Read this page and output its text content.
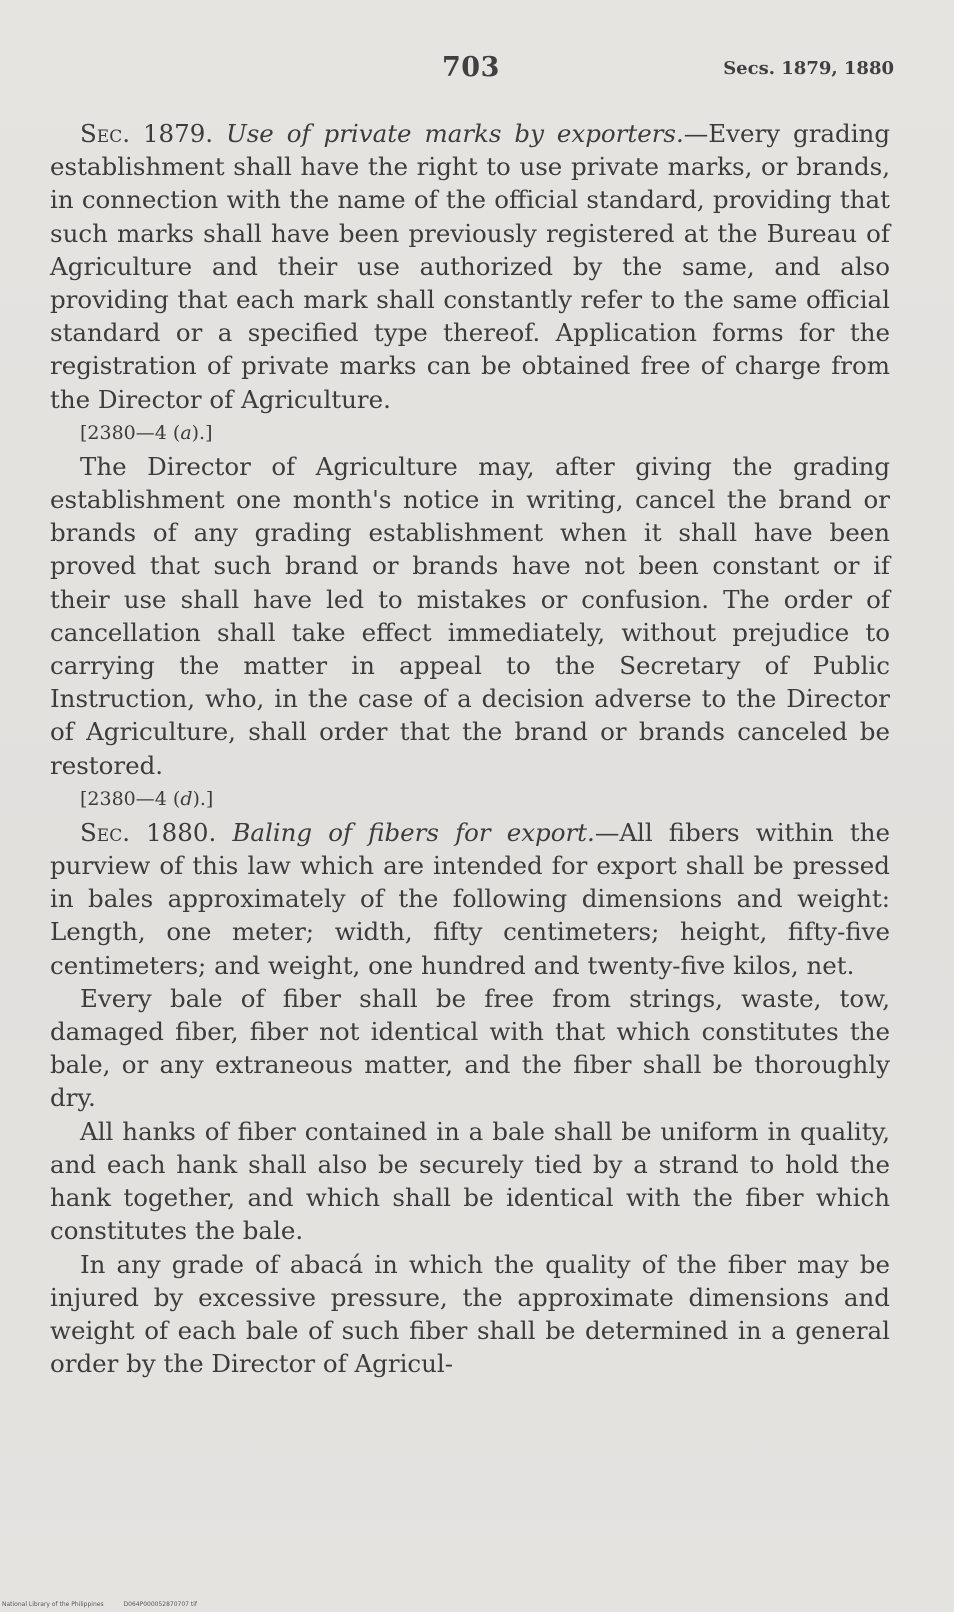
703	Secs. 1879, 1880

Sec. 1879. Use of private marks by exporters.—Every grading establishment shall have the right to use private marks, or brands, in connection with the name of the official standard, providing that such marks shall have been previously registered at the Bureau of Agriculture and their use authorized by the same, and also providing that each mark shall constantly refer to the same official standard or a specified type thereof. Application forms for the registration of private marks can be obtained free of charge from the Director of Agriculture.

[2380—4 (a).]

The Director of Agriculture may, after giving the grading establishment one month's notice in writing, cancel the brand or brands of any grading establishment when it shall have been proved that such brand or brands have not been constant or if their use shall have led to mistakes or confusion. The order of cancellation shall take effect immediately, without prejudice to carrying the matter in appeal to the Secretary of Public Instruction, who, in the case of a decision adverse to the Director of Agriculture, shall order that the brand or brands canceled be restored.

[2380—4 (d).]

Sec. 1880. Baling of fibers for export.—All fibers within the purview of this law which are intended for export shall be pressed in bales approximately of the following dimensions and weight: Length, one meter; width, fifty centimeters; height, fifty-five centimeters; and weight, one hundred and twenty-five kilos, net.

Every bale of fiber shall be free from strings, waste, tow, damaged fiber, fiber not identical with that which constitutes the bale, or any extraneous matter, and the fiber shall be thoroughly dry.

All hanks of fiber contained in a bale shall be uniform in quality, and each hank shall also be securely tied by a strand to hold the hank together, and which shall be identical with the fiber which constitutes the bale.

In any grade of abacá in which the quality of the fiber may be injured by excessive pressure, the approximate dimensions and weight of each bale of such fiber shall be determined in a general order by the Director of Agricul-

National Library of the Philippines	D064P000052870707 tif
